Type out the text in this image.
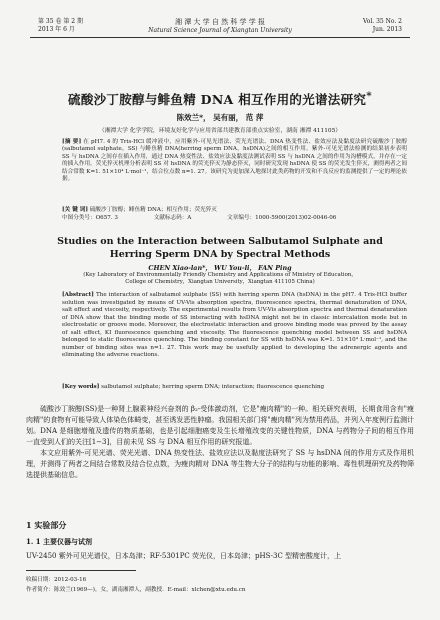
第 35 卷 第 2 期
2013 年 6 月
湘 潭 大 学 自 然 科 学 学 报
Natural Science Journal of Xiangtan University
Vol. 35 No. 2
Jun. 2013
硫酸沙丁胺醇与鲱鱼精 DNA 相互作用的光谱法研究*
陈效兰*， 吴有丽， 范 萍
（湘潭大学 化学学院，环境友好化学与应用省部共建教育部重点实验室，湖南 湘潭 411105）
[摘 要] 在 pH7. 4 的 Tris-HCl 缓冲液中，应用紫外-可见光谱法、荧光光谱法、DNA 热变性法、盐效应法及黏度法研究硫酸沙丁胺醇(salbutamol sulphate，SS) 与鲱鱼精 DNA(herring sperm DNA，hsDNA)之间的相互作用。紫外-可见光谱法检测的结果初步表明 SS 与 hsDNA 之间存在插入作用，通过 DNA 热变性法、盐效应法及黏度法测试表明 SS 与 hsDNA 之间的作用为沟槽模式，并存在一定的插入作用。荧光猝灭机理分析表明 SS 对 hsDNA 的荧光猝灭为静态猝灭，同时研究发现 hsDNA 使 SS 的荧光发生猝灭，测得两者之间结合常数 K=1. 51×10⁴ L·mol⁻¹，结合位点数 n=1. 27。该研究为更加深入地探讨此类药物的开发和不良反应的监测提供了一定的理论依据。
[关 键 词] 硫酸沙丁胺醇；鲱鱼精 DNA；相互作用；荧光猝灭
中图分类号：O657. 3	文献标志码：A	文章编号：1000-5900(2013)02-0046-06
Studies on the Interaction between Salbutamol Sulphate and
Herring Sperm DNA by Spectral Methods
CHEN Xiao-lan*， WU You-li， FAN Ping
(Key Laboratory of Environmentally Friendly Chemistry and Applications of Ministry of Education，
College of Chemistry，Xiangtan University，Xiangtan 411105 China)
[Abstract] The interaction of salbutamol sulphate (SS) with herring sperm DNA (hsDNA) in the pH7. 4 Tris-HCl buffer solution was investigated by means of UV-Vis absorption spectra, fluorescence spectra, thermal denaturation of DNA, salt effect and viscosity, respectively. The experimental results from UV-Vis absorption spectra and thermal denaturation of DNA show that the binding mode of SS interacting with hsDNA might not be in classic intercalation mode but in electrostatic or groove mode. Moreover, the electrostatic interaction and groove binding mode was proved by the assay of salt effect, KI fluorescence quenching and viscosity. The fluorescence quenching model between SS and hsDNA belonged to static fluorescence quenching. The binding constant for SS with hsDNA was K=1. 51×10⁴ L·mol⁻¹, and the number of binding sites was n=1. 27. This work may be usefully applied to developing the adrenergic agents and eliminating the adverse reactions.
[Key words] salbutamol sulphate; herring sperm DNA; interaction; fluorescence quenching

硫酸沙丁胺醇(SS)是一种肾上腺素神经兴奋剂的 β₂-受体激动剂，它是"瘦肉精"的一种。相关研究表明，长期食用含有"瘦肉精"的食物有可能导致人体染色体畸变，甚至诱发恶性肿瘤。我国相关部门将"瘦肉精"列为禁用药品，并列入年度例行监测计划。DNA 是细胞增殖及遗传的物质基础，也是引起细胞癌变及生长增殖改变的关键性物质，DNA 与药物分子间的相互作用一直受到人们的关注[1−3]，目前未见 SS 与 DNA 相互作用的研究报道。

本文应用紫外-可见光谱、荧光光谱、DNA 热变性法、盐效应法以及黏度法研究了 SS 与 hsDNA 间的作用方式及作用机理，并测得了两者之间结合常数及结合位点数，为瘦肉精对 DNA 等生物大分子的结构与功能的影响、毒性机理研究及药物筛选提供基础信息。

1 实验部分
1. 1 主要仪器与试剂
UV-2450 紫外可见光谱仪，日本岛津；RF-5301PC 荧光仪，日本岛津；pHS-3C 型精密酸度计，上
收稿日期：2012-03-16
作者简介：陈效兰(1969—)，女，湖南湘潭人，副教授．E-mail：xlchen@xtu.edu.cn
